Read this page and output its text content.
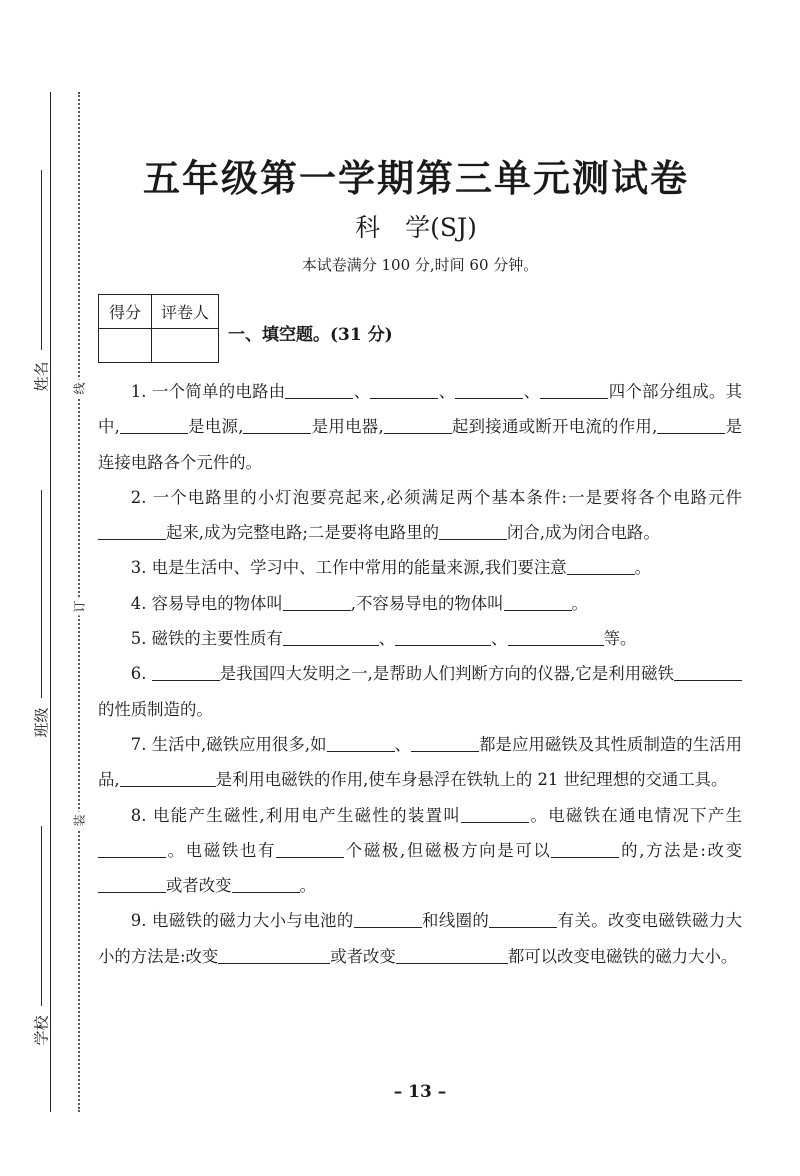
姓名
班级
学校
线
订
装
五年级第一学期第三单元测试卷
科　学(SJ)
本试卷满分 100 分,时间 60 分钟。
得分	评卷人

一、填空题。(31 分)

1. 一个简单的电路由	、	、	、	四个部分组成。其中,	是电源,	是用电器,	起到接通或断开电流的作用,	是连接电路各个元件的。

2. 一个电路里的小灯泡要亮起来,必须满足两个基本条件:一是要将各个电路元件起来,成为完整电路;二是要将电路里的	闭合,成为闭合电路。

3. 电是生活中、学习中、工作中常用的能量来源,我们要注意	。

4. 容易导电的物体叫	,不容易导电的物体叫	。

5. 磁铁的主要性质有	、	、	等。

6.	是我国四大发明之一,是帮助人们判断方向的仪器,它是利用磁铁的性质制造的。

7. 生活中,磁铁应用很多,如	、	都是应用磁铁及其性质制造的生活用品,	是利用电磁铁的作用,使车身悬浮在铁轨上的 21 世纪理想的交通工具。

8. 电能产生磁性,利用电产生磁性的装置叫	。电磁铁在通电情况下产生。电磁铁也有	个磁极,但磁极方向是可以	的,方法是:改变或者改变	。

9. 电磁铁的磁力大小与电池的	和线圈的	有关。改变电磁铁磁力大小的方法是:改变	或者改变	都可以改变电磁铁的磁力大小。

– 13 –
